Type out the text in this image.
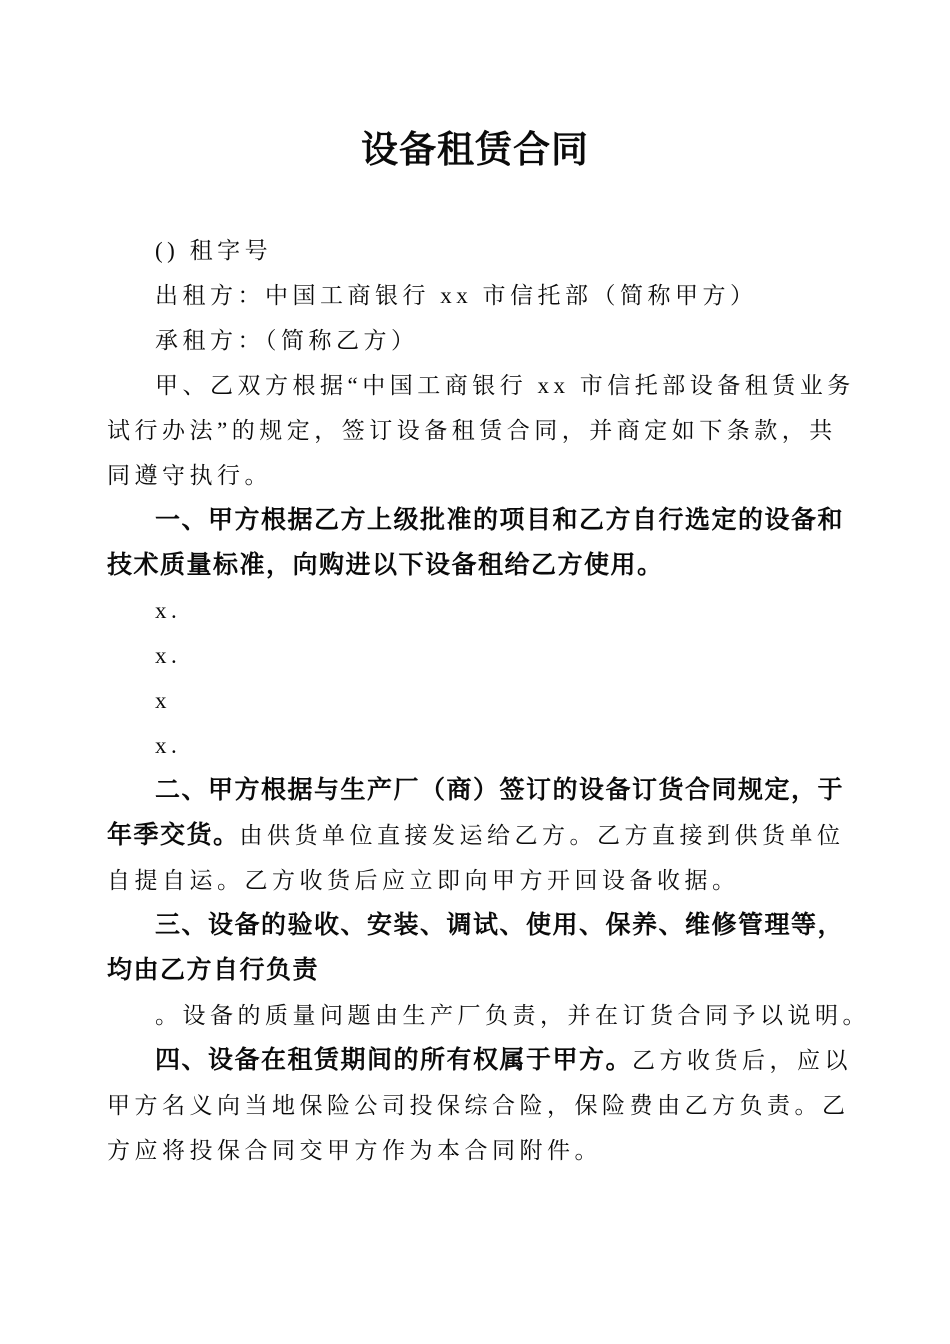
设备租赁合同
() 租字号
出租方：中国工商银行 xx 市信托部（简称甲方）
承租方：（简称乙方）
甲、乙双方根据“中国工商银行 xx 市信托部设备租赁业务
试行办法”的规定，签订设备租赁合同，并商定如下条款，共
同遵守执行。
一、甲方根据乙方上级批准的项目和乙方自行选定的设备和
技术质量标准，向购进以下设备租给乙方使用。
x.
x.
x
x.
二、甲方根据与生产厂（商）签订的设备订货合同规定，于
年季交货。由供货单位直接发运给乙方。乙方直接到供货单位
自提自运。乙方收货后应立即向甲方开回设备收据。
三、设备的验收、安装、调试、使用、保养、维修管理等，
均由乙方自行负责
。设备的质量问题由生产厂负责，并在订货合同予以说明。
四、设备在租赁期间的所有权属于甲方。乙方收货后，应以
甲方名义向当地保险公司投保综合险，保险费由乙方负责。乙
方应将投保合同交甲方作为本合同附件。
